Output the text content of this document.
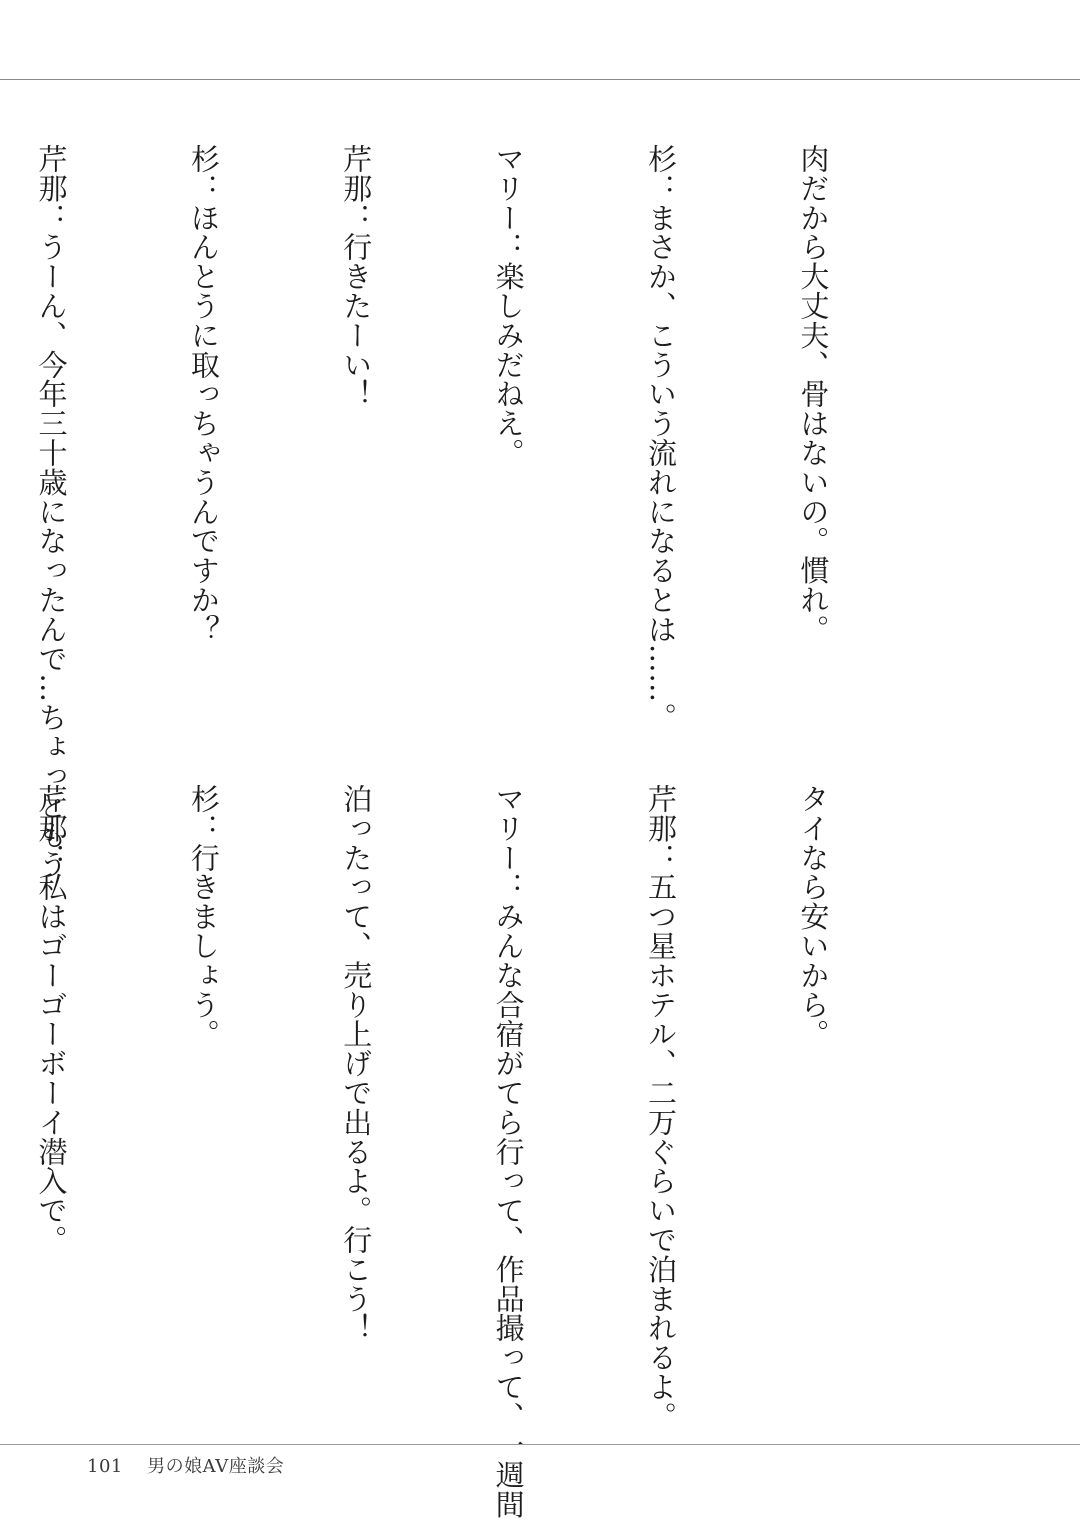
肉だから大丈夫、骨はないの。慣れ。

杉：まさか、こういう流れになるとは……。

マリー：楽しみだねえ。

芹那：行きたーい！

杉：ほんとうに取っちゃうんですか？

芹那：うーん、今年三十歳になったんで…ちょっともう

タイなら安いから。

芹那：五つ星ホテル、二万ぐらいで泊まれるよ。

マリー：みんな合宿がてら行って、作品撮って、一週間

泊ったって、売り上げで出るよ。行こう！

杉：行きましょう。

芹那：私はゴーゴーボーイ潜入で。

101 男の娘AV座談会
